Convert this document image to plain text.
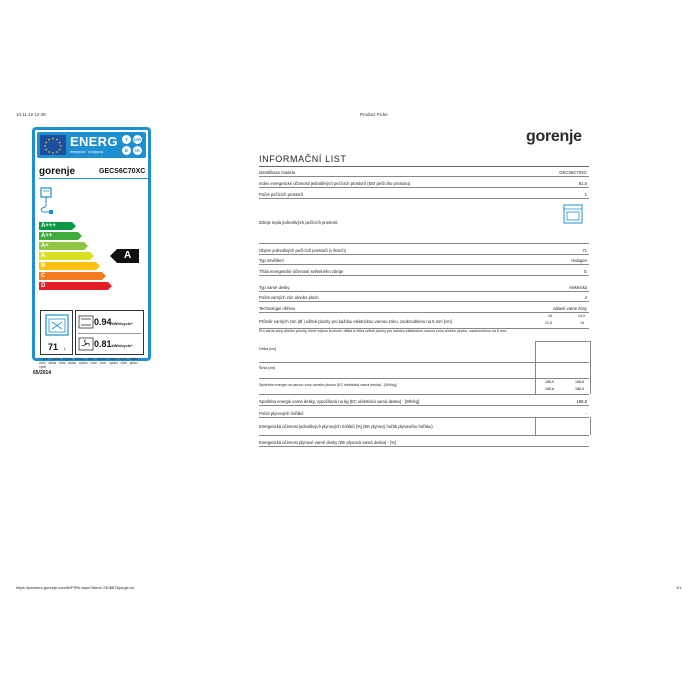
10.11.22 12:45	Product Fiche
★ ★
★
★
★
★
★
★
★
★
★
★ ENERG
енергия · ενέργεια
Y	IJA
E	IA
gorenje	GECS6C70XC
A+++
A++
A+
A
B
C
D
A
71 L
0.94kWh/cycle*
0.81kWh/cycle*
* cycle · cyklus · Zyklus · κύκλος · ciclo · tsükkel · jakso · cycle · ciklus · ciclo · ciklas · cikls · ciklus · cyklus · ciclo · ciclu · cyklus · cikel · jakso · cykel
65/2014
gorenje
INFORMAČNÍ LIST
Identifikace modelu	GECS6C70XC
Index energetické účinnosti jednotlivých pečících prostorů (EEI pečícího prostoru)	81,5
Počet pečících prostorů	1
Zdroje tepla jednotlivých pečících prostorů
Objem jednotlivých pečících prostorů (v litrech)	71
Typ osvětlení	Halogen
Třída energetické účinnosti světelného zdroje	G
Typ varné desky	elektrická
Počet varných zón a/nebo ploch	4
Technologie ohřevu	sálavé varné zóny
Průměr varných zón (Ø ) užitné plochy pro každou elektrickou varnou zónu, zaokrouhleno na 5 mm [cm]
16	14,5
21,5	15
Pro varné zóny a/nebo plochy, které nejsou kruhové: délka a šířka užitné plochy pro každou elektrickou varnou zónu a/nebo plochu, zaokrouhleno na 5 mm:
Délka [cm]
Šířka [cm]
Spotřeba energie na varnou zónu a/nebo plochu (EC elektrická varná deska) - [Wh/kg]
188,5	188,8
188,8	188,5
Spotřeba energie varné desky, vypočítaná na kg (EC elektrická varná deska) - [Wh/kg]	188,8
Počet plynových hořáků	-
Energetická účinnost jednotlivých plynových hořáků [%] (EE plynový hořák plynového hořáku)
Energetická účinnost plynové varné desky (EE plynová varná deska) - [%]	-
https://partners.gorenje.com/fk/PiPik.aspx?ident=740667&pegb=cs	1/1
